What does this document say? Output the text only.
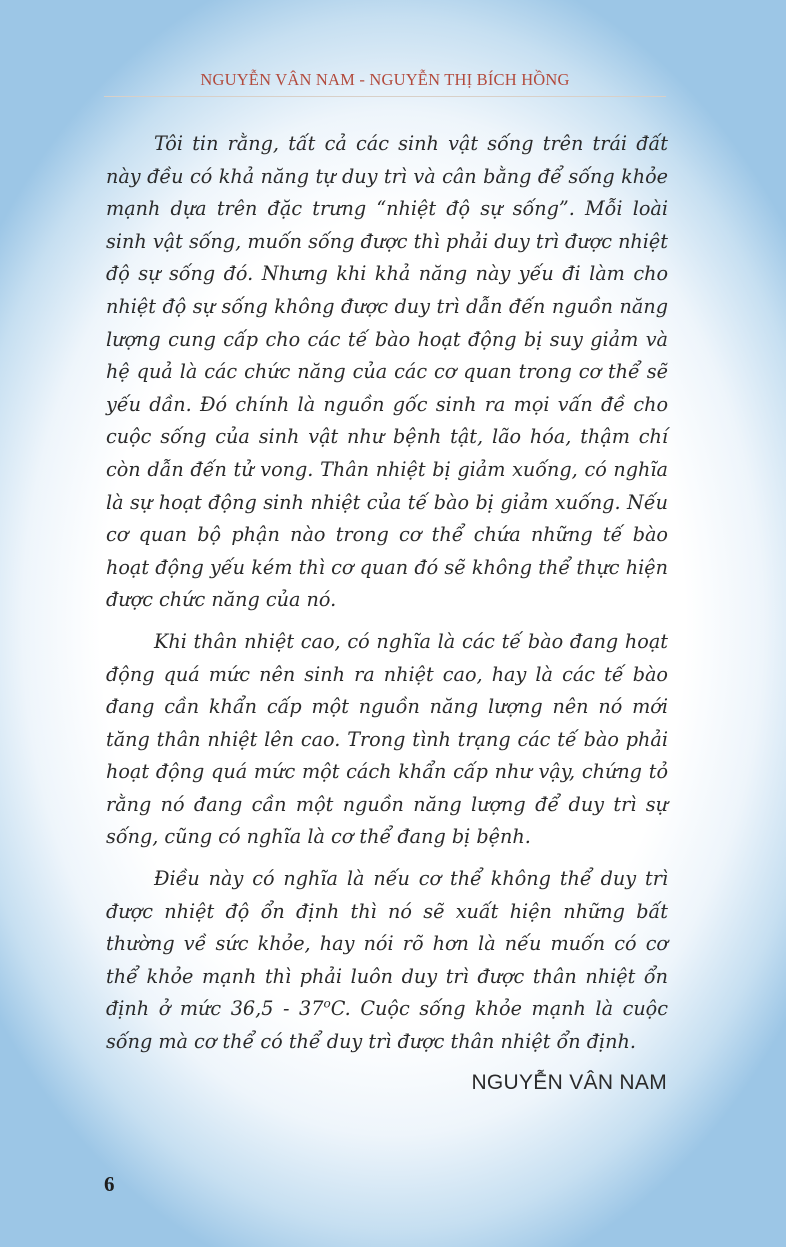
NGUYỄN VÂN NAM - NGUYỄN THỊ BÍCH HỒNG

Tôi tin rằng, tất cả các sinh vật sống trên trái đất này đều có khả năng tự duy trì và cân bằng để sống khỏe mạnh dựa trên đặc trưng “nhiệt độ sự sống”. Mỗi loài sinh vật sống, muốn sống được thì phải duy trì được nhiệt độ sự sống đó. Nhưng khi khả năng này yếu đi làm cho nhiệt độ sự sống không được duy trì dẫn đến nguồn năng lượng cung cấp cho các tế bào hoạt động bị suy giảm và hệ quả là các chức năng của các cơ quan trong cơ thể sẽ yếu dần. Đó chính là nguồn gốc sinh ra mọi vấn đề cho cuộc sống của sinh vật như bệnh tật, lão hóa, thậm chí còn dẫn đến tử vong. Thân nhiệt bị giảm xuống, có nghĩa là sự hoạt động sinh nhiệt của tế bào bị giảm xuống. Nếu cơ quan bộ phận nào trong cơ thể chứa những tế bào hoạt động yếu kém thì cơ quan đó sẽ không thể thực hiện được chức năng của nó.

Khi thân nhiệt cao, có nghĩa là các tế bào đang hoạt động quá mức nên sinh ra nhiệt cao, hay là các tế bào đang cần khẩn cấp một nguồn năng lượng nên nó mới tăng thân nhiệt lên cao. Trong tình trạng các tế bào phải hoạt động quá mức một cách khẩn cấp như vậy, chứng tỏ rằng nó đang cần một nguồn năng lượng để duy trì sự sống, cũng có nghĩa là cơ thể đang bị bệnh.

Điều này có nghĩa là nếu cơ thể không thể duy trì được nhiệt độ ổn định thì nó sẽ xuất hiện những bất thường về sức khỏe, hay nói rõ hơn là nếu muốn có cơ thể khỏe mạnh thì phải luôn duy trì được thân nhiệt ổn định ở mức 36,5 - 37$^o$C. Cuộc sống khỏe mạnh là cuộc sống mà cơ thể có thể duy trì được thân nhiệt ổn định.

NGUYỄN VÂN NAM
6
